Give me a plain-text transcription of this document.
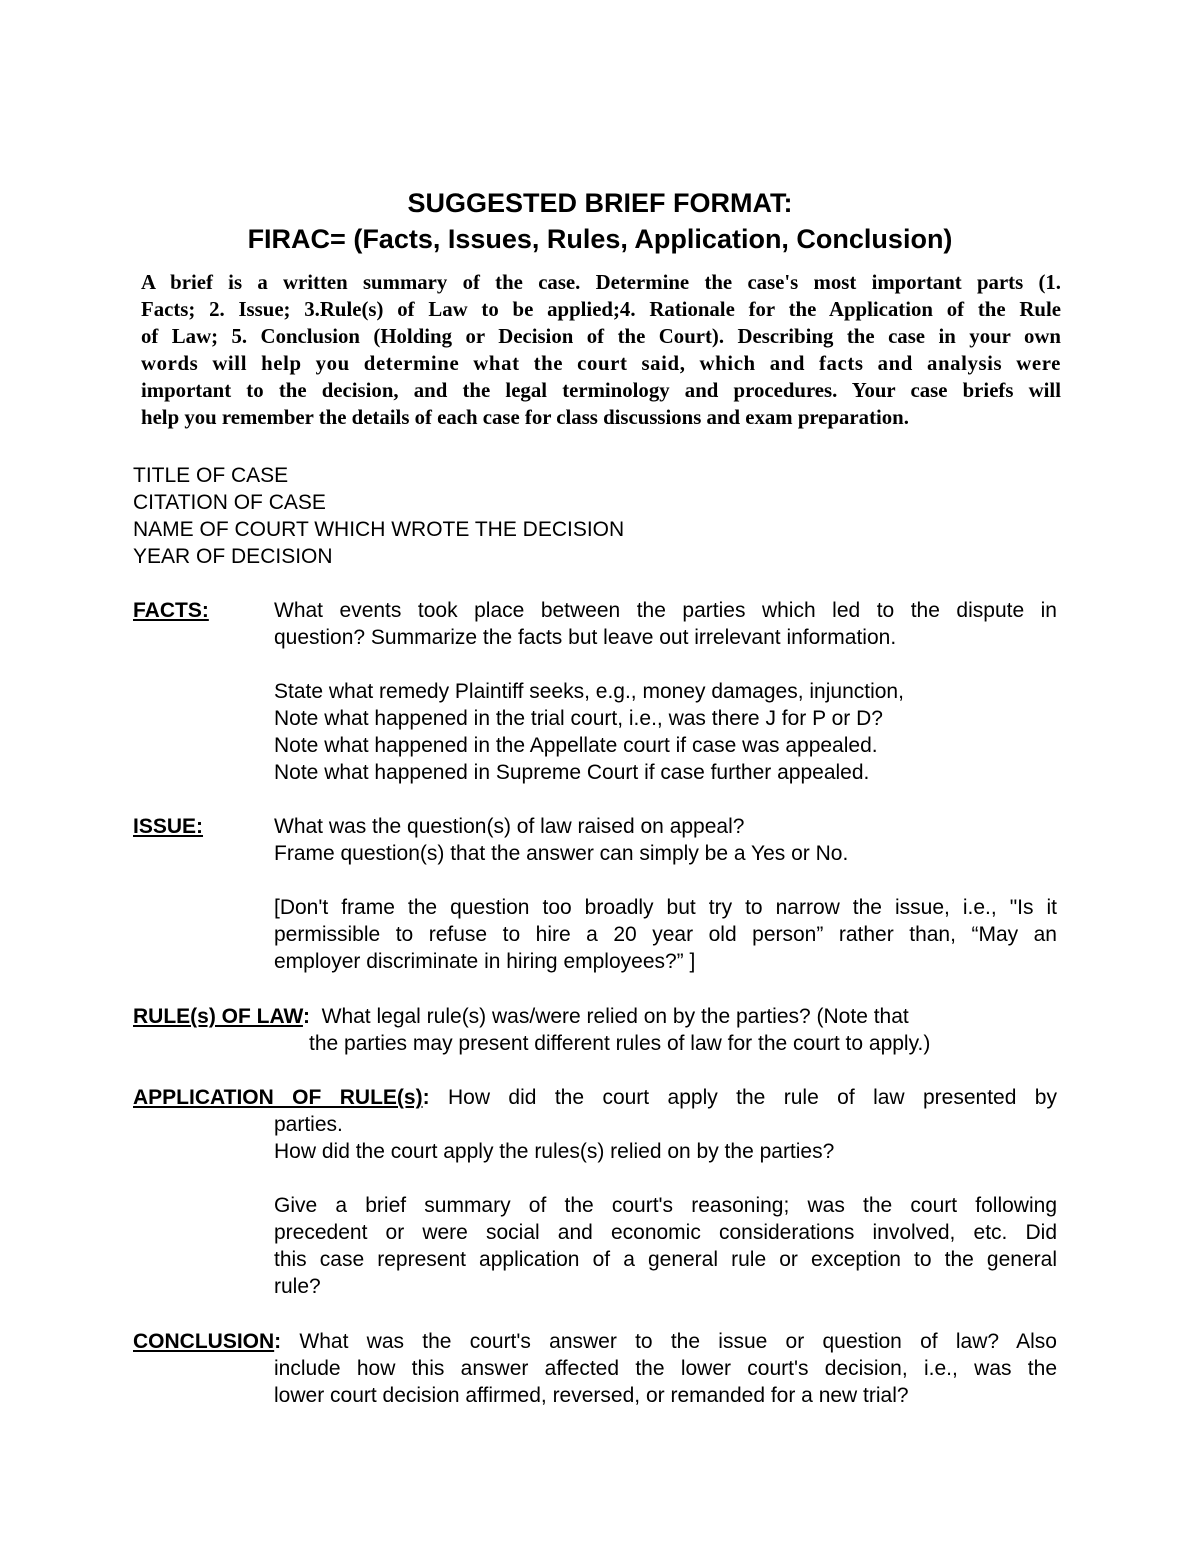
SUGGESTED BRIEF FORMAT:
FIRAC= (Facts, Issues, Rules, Application, Conclusion)
A brief is a written summary of the case. Determine the case's most important parts (1.
Facts; 2. Issue; 3.Rule(s) of Law to be applied;4. Rationale for the Application of the Rule
of Law; 5. Conclusion (Holding or Decision of the Court). Describing the case in your own
words will help you determine what the court said, which and facts and analysis were
important to the decision, and the legal terminology and procedures. Your case briefs will
help you remember the details of each case for class discussions and exam preparation.
TITLE OF CASE
CITATION OF CASE
NAME OF COURT WHICH WROTE THE DECISION
YEAR OF DECISION
FACTS:	What events took place between the parties which led to the dispute in
question? Summarize the facts but leave out irrelevant information.
State what remedy Plaintiff seeks, e.g., money damages, injunction,
Note what happened in the trial court, i.e., was there J for P or D?
Note what happened in the Appellate court if case was appealed.
Note what happened in Supreme Court if case further appealed.
ISSUE:	What was the question(s) of law raised on appeal?
Frame question(s) that the answer can simply be a Yes or No.
[Don't frame the question too broadly but try to narrow the issue, i.e., "Is it
permissible to refuse to hire a 20 year old person” rather than, “May an
employer discriminate in hiring employees?” ]
RULE(s) OF LAW: What legal rule(s) was/were relied on by the parties? (Note that
the parties may present different rules of law for the court to apply.)
APPLICATION OF RULE(s): How did the court apply the rule of law presented by
parties.
How did the court apply the rules(s) relied on by the parties?
Give a brief summary of the court's reasoning; was the court following
precedent or were social and economic considerations involved, etc. Did
this case represent application of a general rule or exception to the general
rule?
CONCLUSION: What was the court's answer to the issue or question of law? Also
include how this answer affected the lower court's decision, i.e., was the
lower court decision affirmed, reversed, or remanded for a new trial?
